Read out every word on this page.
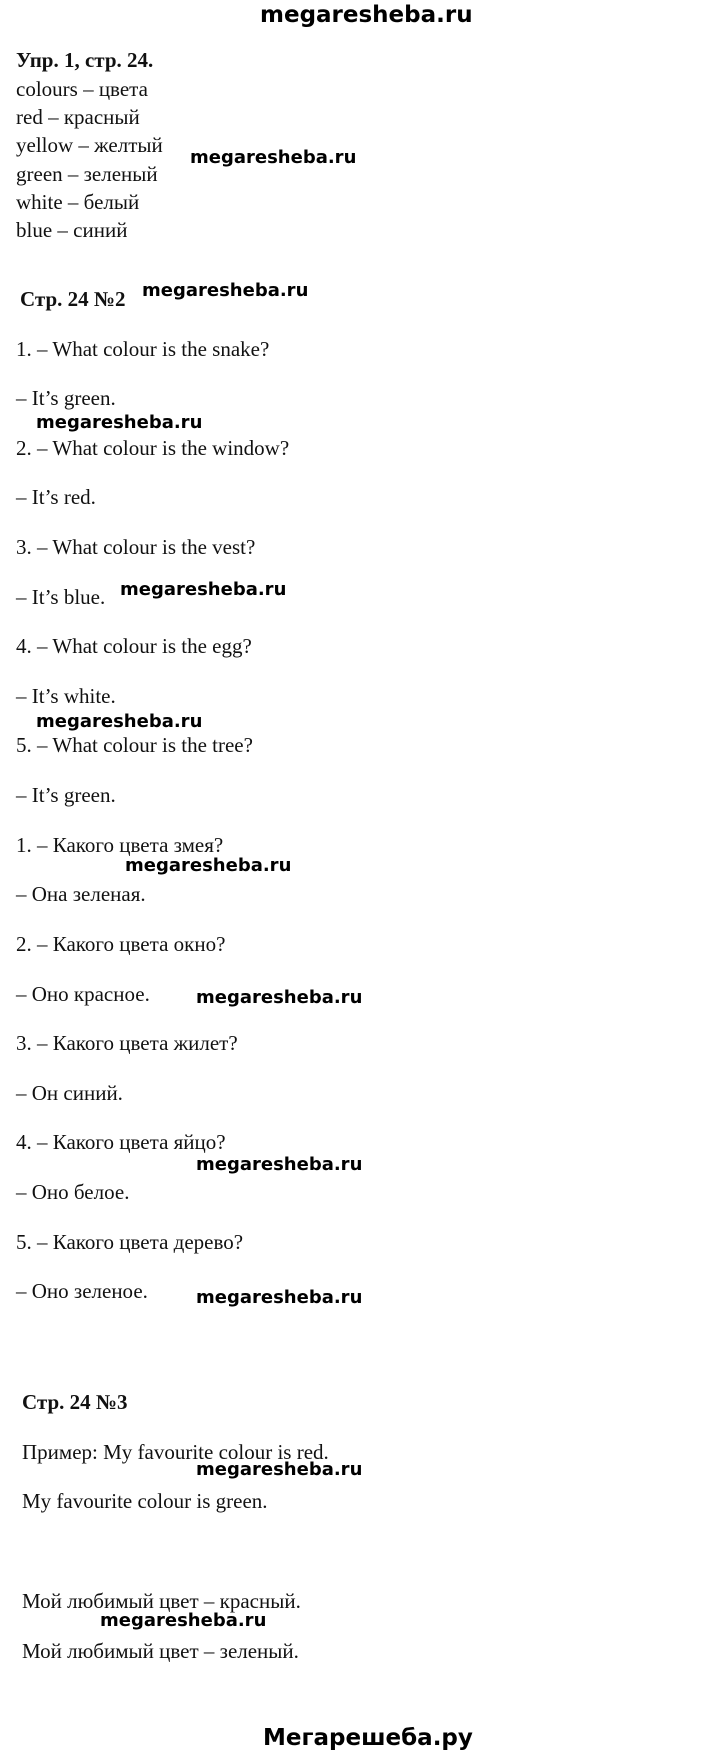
megaresheba.ru
Упр. 1, стр. 24.
colours – цвета
red – красный
yellow – желтый
green – зеленый
white – белый
blue – синий
Стр. 24 №2
1. – What colour is the snake?
– It’s green.
2. – What colour is the window?
– It’s red.
3. – What colour is the vest?
– It’s blue.
4. – What colour is the egg?
– It’s white.
5. – What colour is the tree?
– It’s green.
1. – Какого цвета змея?
– Она зеленая.
2. – Какого цвета окно?
– Оно красное.
3. – Какого цвета жилет?
– Он синий.
4. – Какого цвета яйцо?
– Оно белое.
5. – Какого цвета дерево?
– Оно зеленое.
Стр. 24 №3
Пример: My favourite colour is red.
My favourite colour is green.
Мой любимый цвет – красный.
Мой любимый цвет – зеленый.
megaresheba.ru
megaresheba.ru
megaresheba.ru
megaresheba.ru
megaresheba.ru
megaresheba.ru
megaresheba.ru
megaresheba.ru
megaresheba.ru
megaresheba.ru
megaresheba.ru
Мегарешеба.ру
